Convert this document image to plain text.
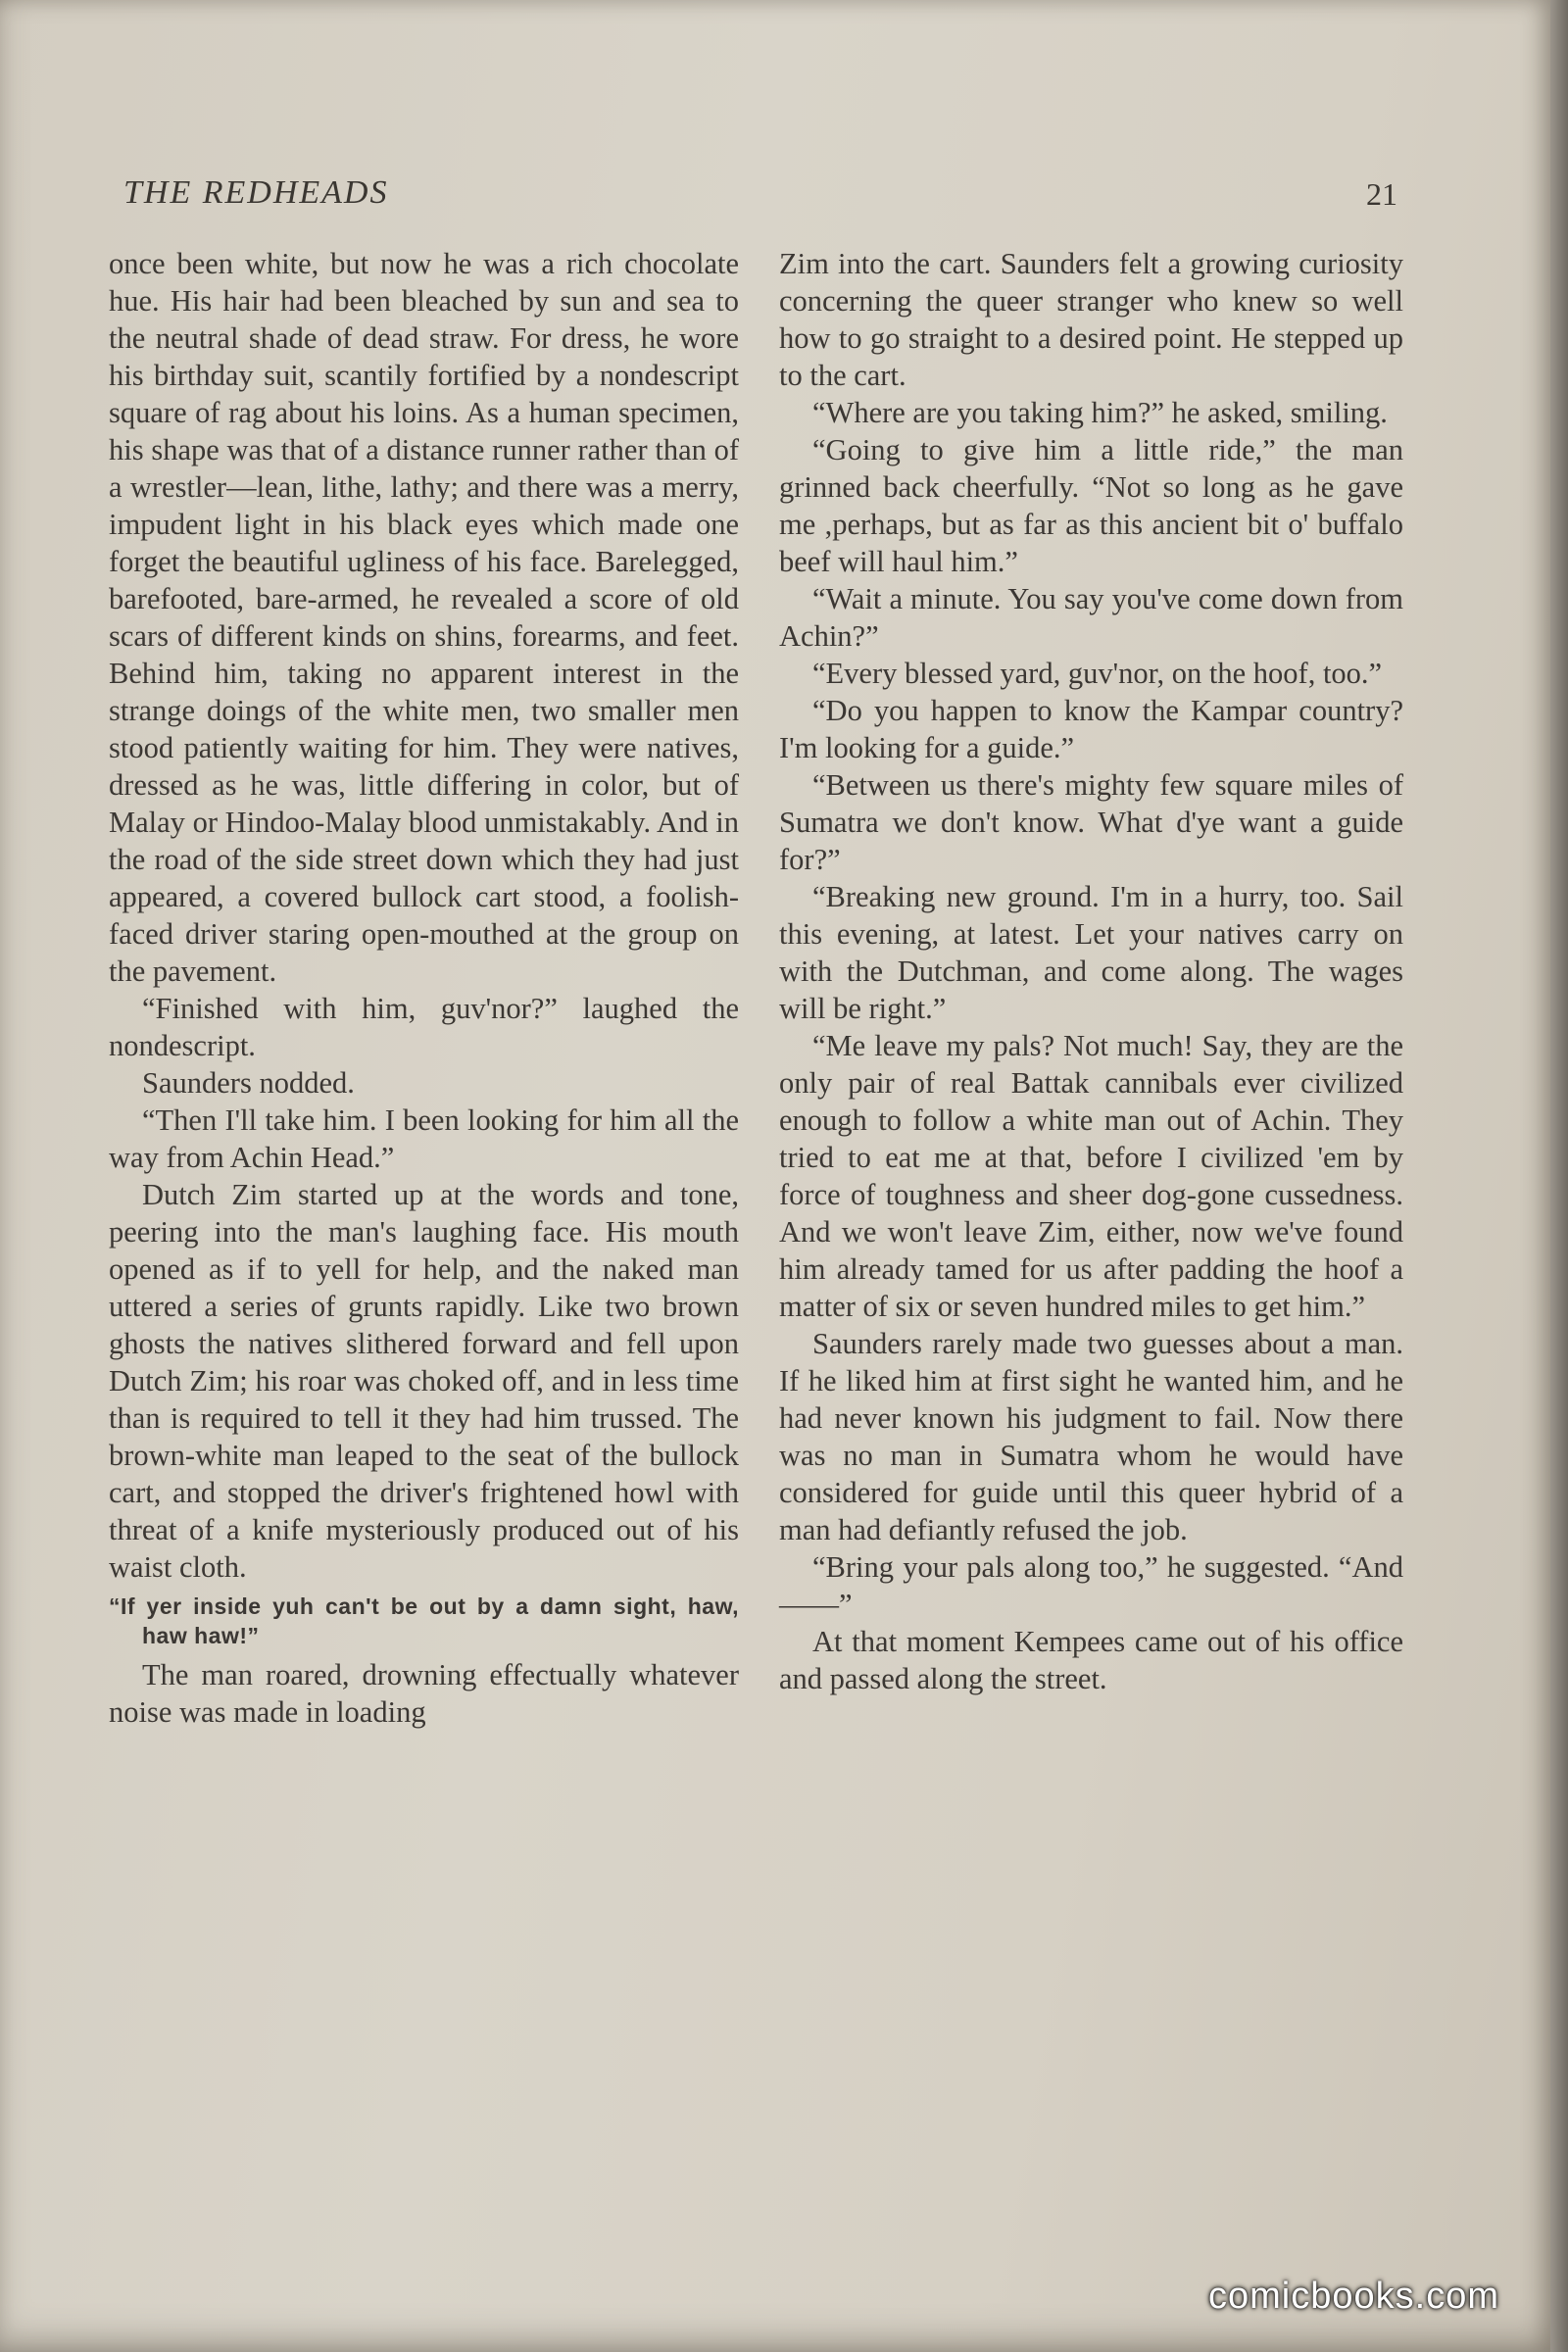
THE REDHEADS	21

once been white, but now he was a rich chocolate hue. His hair had been bleached by sun and sea to the neutral shade of dead straw. For dress, he wore his birthday suit, scantily fortified by a nondescript square of rag about his loins. As a human specimen, his shape was that of a distance runner rather than of a wrestler—lean, lithe, lathy; and there was a merry, impudent light in his black eyes which made one forget the beautiful ugliness of his face. Barelegged, barefooted, bare-armed, he revealed a score of old scars of different kinds on shins, forearms, and feet. Behind him, taking no apparent interest in the strange doings of the white men, two smaller men stood patiently waiting for him. They were natives, dressed as he was, little differing in color, but of Malay or Hindoo-Malay blood unmistakably. And in the road of the side street down which they had just appeared, a covered bullock cart stood, a foolish-faced driver staring open-mouthed at the group on the pavement.

“Finished with him, guv'nor?” laughed the nondescript.

Saunders nodded.

“Then I'll take him. I been looking for him all the way from Achin Head.”

Dutch Zim started up at the words and tone, peering into the man's laughing face. His mouth opened as if to yell for help, and the naked man uttered a series of grunts rapidly. Like two brown ghosts the natives slithered forward and fell upon Dutch Zim; his roar was choked off, and in less time than is required to tell it they had him trussed. The brown-white man leaped to the seat of the bullock cart, and stopped the driver's frightened howl with threat of a knife mysteriously produced out of his waist cloth.

“If yer inside yuh can't be out by a damn sight, haw, haw haw!”

The man roared, drowning effectually whatever noise was made in loading

Zim into the cart. Saunders felt a growing curiosity concerning the queer stranger who knew so well how to go straight to a desired point. He stepped up to the cart.

“Where are you taking him?” he asked, smiling.

“Going to give him a little ride,” the man grinned back cheerfully. “Not so long as he gave me ,perhaps, but as far as this ancient bit o' buffalo beef will haul him.”

“Wait a minute. You say you've come down from Achin?”

“Every blessed yard, guv'nor, on the hoof, too.”

“Do you happen to know the Kampar country? I'm looking for a guide.”

“Between us there's mighty few square miles of Sumatra we don't know. What d'ye want a guide for?”

“Breaking new ground. I'm in a hurry, too. Sail this evening, at latest. Let your natives carry on with the Dutchman, and come along. The wages will be right.”

“Me leave my pals? Not much! Say, they are the only pair of real Battak cannibals ever civilized enough to follow a white man out of Achin. They tried to eat me at that, before I civilized 'em by force of toughness and sheer dog-gone cussedness. And we won't leave Zim, either, now we've found him already tamed for us after padding the hoof a matter of six or seven hundred miles to get him.”

Saunders rarely made two guesses about a man. If he liked him at first sight he wanted him, and he had never known his judgment to fail. Now there was no man in Sumatra whom he would have considered for guide until this queer hybrid of a man had defiantly refused the job.

“Bring your pals along too,” he suggested. “And——”

At that moment Kempees came out of his office and passed along the street.

comicbooks.com
